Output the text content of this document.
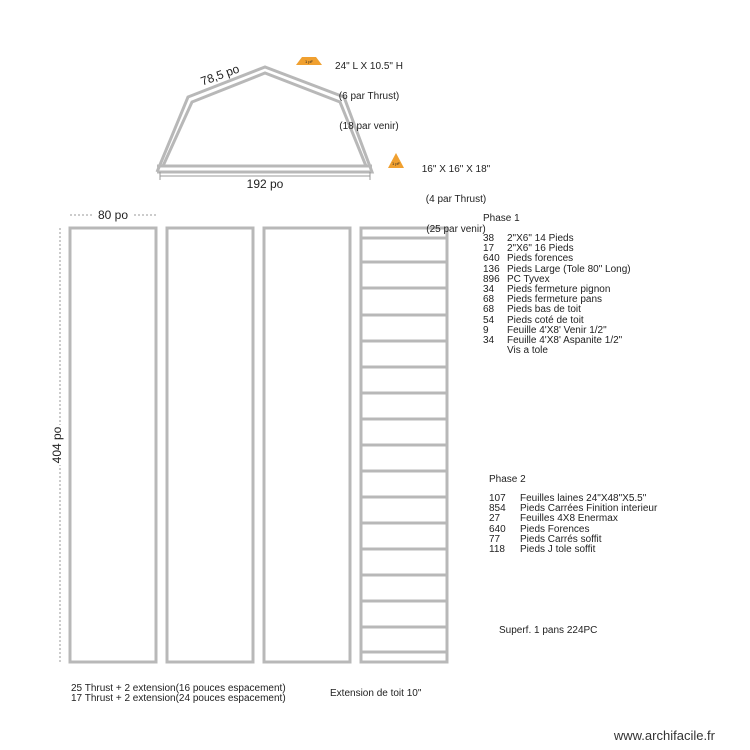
78,5 po
192 po
1 pF
1 pF
80 po
404 po

24" L X 10.5" H

(6 par Thrust)

(18 par venir)

16" X 16" X 18"

(4 par Thrust)

(25 par venir)

Phase 1
38	2"X6" 14 Pieds
17	2"X6" 16 Pieds
640 Pieds forences
136 Pieds Large (Tole 80" Long)
896 PC Tyvex
34	Pieds fermeture pignon
68	Pieds fermeture pans
68	Pieds bas de toit
54	Pieds coté de toit
9	Feuille 4'X8' Venir 1/2"
34	Feuille 4'X8' Aspanite 1/2"
Vis a tole
Phase 2
107	Feuilles laines 24"X48"X5.5"
854	Pieds Carrées Finition interieur
27	Feuilles 4X8 Enermax
640	Pieds Forences
77	Pieds Carrés soffit
118	Pieds J tole soffit
Superf. 1 pans 224PC
25 Thrust + 2 extension(16 pouces espacement)
17 Thrust + 2 extension(24 pouces espacement)	Extension de toit 10"
www.archifacile.fr
